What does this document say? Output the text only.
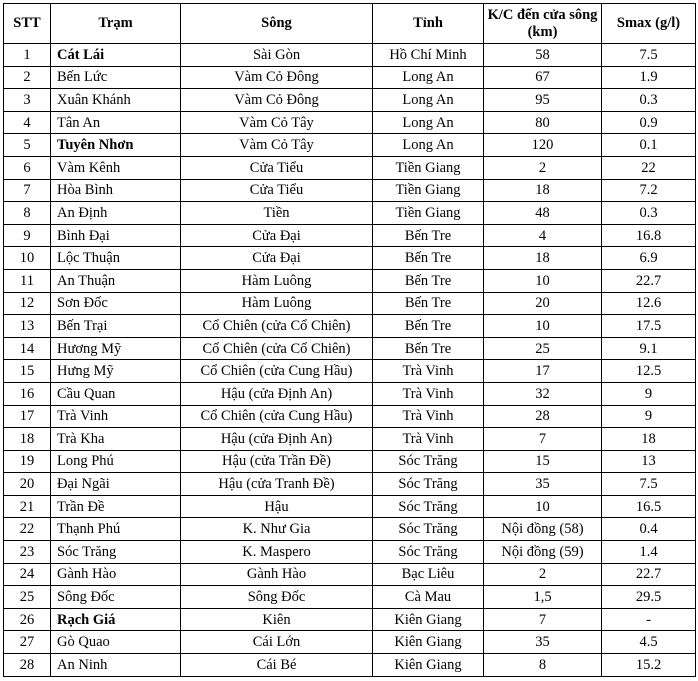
STT	Trạm	Sông	Tỉnh	K/C đến cửa sông (km)	Smax (g/l)
1	Cát Lái	Sài Gòn	Hồ Chí Minh	58	7.5
2	Bến Lức	Vàm Cỏ Đông	Long An	67	1.9
3	Xuân Khánh	Vàm Cỏ Đông	Long An	95	0.3
4	Tân An	Vàm Cỏ Tây	Long An	80	0.9
5	Tuyên Nhơn	Vàm Cỏ Tây	Long An	120	0.1
6	Vàm Kênh	Cửa Tiểu	Tiền Giang	2	22
7	Hòa Bình	Cửa Tiểu	Tiền Giang	18	7.2
8	An Định	Tiền	Tiền Giang	48	0.3
9	Bình Đại	Cửa Đại	Bến Tre	4	16.8
10	Lộc Thuận	Cửa Đại	Bến Tre	18	6.9
11	An Thuận	Hàm Luông	Bến Tre	10	22.7
12	Sơn Đốc	Hàm Luông	Bến Tre	20	12.6
13	Bến Trại	Cổ Chiên (cửa Cổ Chiên)	Bến Tre	10	17.5
14	Hương Mỹ	Cổ Chiên (cửa Cổ Chiên)	Bến Tre	25	9.1
15	Hưng Mỹ	Cổ Chiên (cửa Cung Hầu)	Trà Vinh	17	12.5
16	Cầu Quan	Hậu (cửa Định An)	Trà Vinh	32	9
17	Trà Vinh	Cổ Chiên (cửa Cung Hầu)	Trà Vinh	28	9
18	Trà Kha	Hậu (cửa Định An)	Trà Vinh	7	18
19	Long Phú	Hậu (cửa Trần Đề)	Sóc Trăng	15	13
20	Đại Ngãi	Hậu (cửa Tranh Đề)	Sóc Trăng	35	7.5
21	Trần Đề	Hậu	Sóc Trăng	10	16.5
22	Thạnh Phú	K. Như Gia	Sóc Trăng	Nội đồng (58)	0.4
23	Sóc Trăng	K. Maspero	Sóc Trăng	Nội đồng (59)	1.4
24	Gành Hào	Gành Hào	Bạc Liêu	2	22.7
25	Sông Đốc	Sông Đốc	Cà Mau	1,5	29.5
26	Rạch Giá	Kiên	Kiên Giang	7	-
27	Gò Quao	Cái Lớn	Kiên Giang	35	4.5
28	An Ninh	Cái Bé	Kiên Giang	8	15.2
